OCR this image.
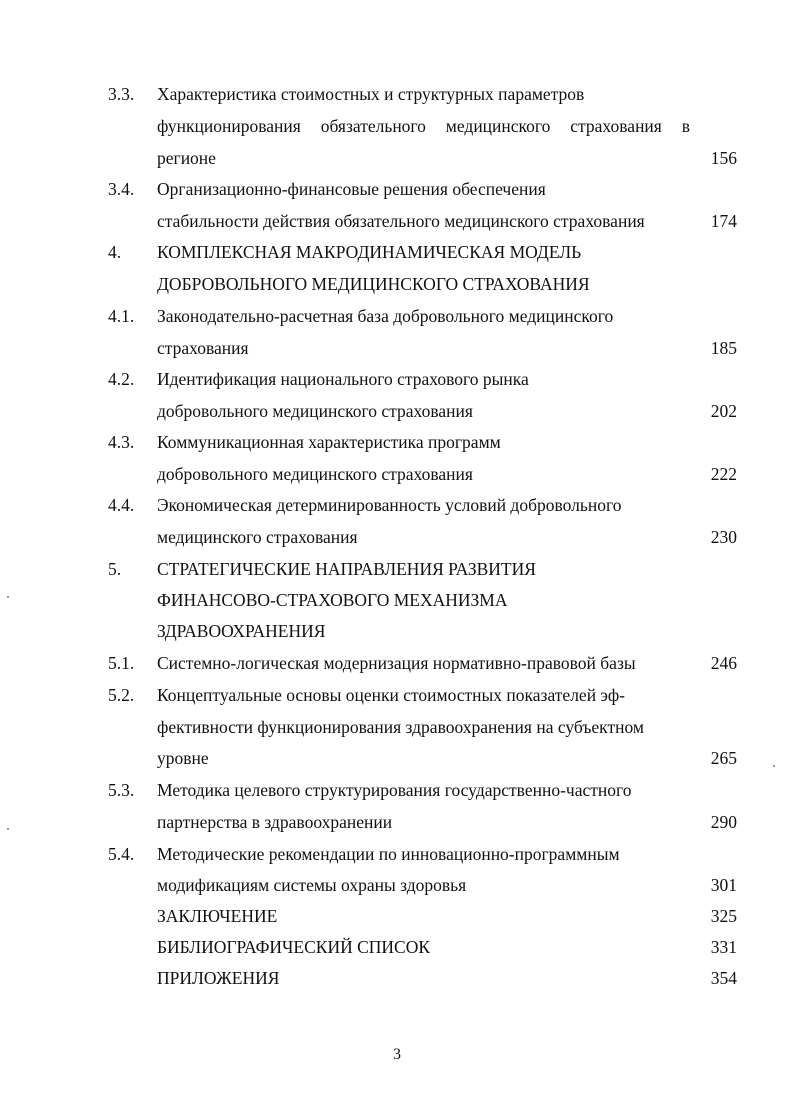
3.3. Характеристика стоимостных и структурных параметров
функционирования обязательного медицинского страхования в
регионе	156
3.4. Организационно-финансовые решения обеспечения
стабильности действия обязательного медицинского страхования	174
4. КОМПЛЕКСНАЯ МАКРОДИНАМИЧЕСКАЯ МОДЕЛЬ
ДОБРОВОЛЬНОГО МЕДИЦИНСКОГО СТРАХОВАНИЯ
4.1. Законодательно-расчетная база добровольного медицинского
страхования	185
4.2. Идентификация национального страхового рынка
добровольного медицинского страхования	202
4.3. Коммуникационная характеристика программ
добровольного медицинского страхования	222
4.4. Экономическая детерминированность условий добровольного
медицинского страхования	230
5. СТРАТЕГИЧЕСКИЕ НАПРАВЛЕНИЯ РАЗВИТИЯ
ФИНАНСОВО-СТРАХОВОГО МЕХАНИЗМА
ЗДРАВООХРАНЕНИЯ
5.1. Системно-логическая модернизация нормативно-правовой базы	246
5.2. Концептуальные основы оценки стоимостных показателей эф-
фективности функционирования здравоохранения на субъектном
уровне	265
5.3. Методика целевого структурирования государственно-частного
партнерства в здравоохранении	290
5.4. Методические рекомендации по инновационно-программным
модификациям системы охраны здоровья	301
ЗАКЛЮЧЕНИЕ	325
БИБЛИОГРАФИЧЕСКИЙ СПИСОК	331
ПРИЛОЖЕНИЯ	354
3
